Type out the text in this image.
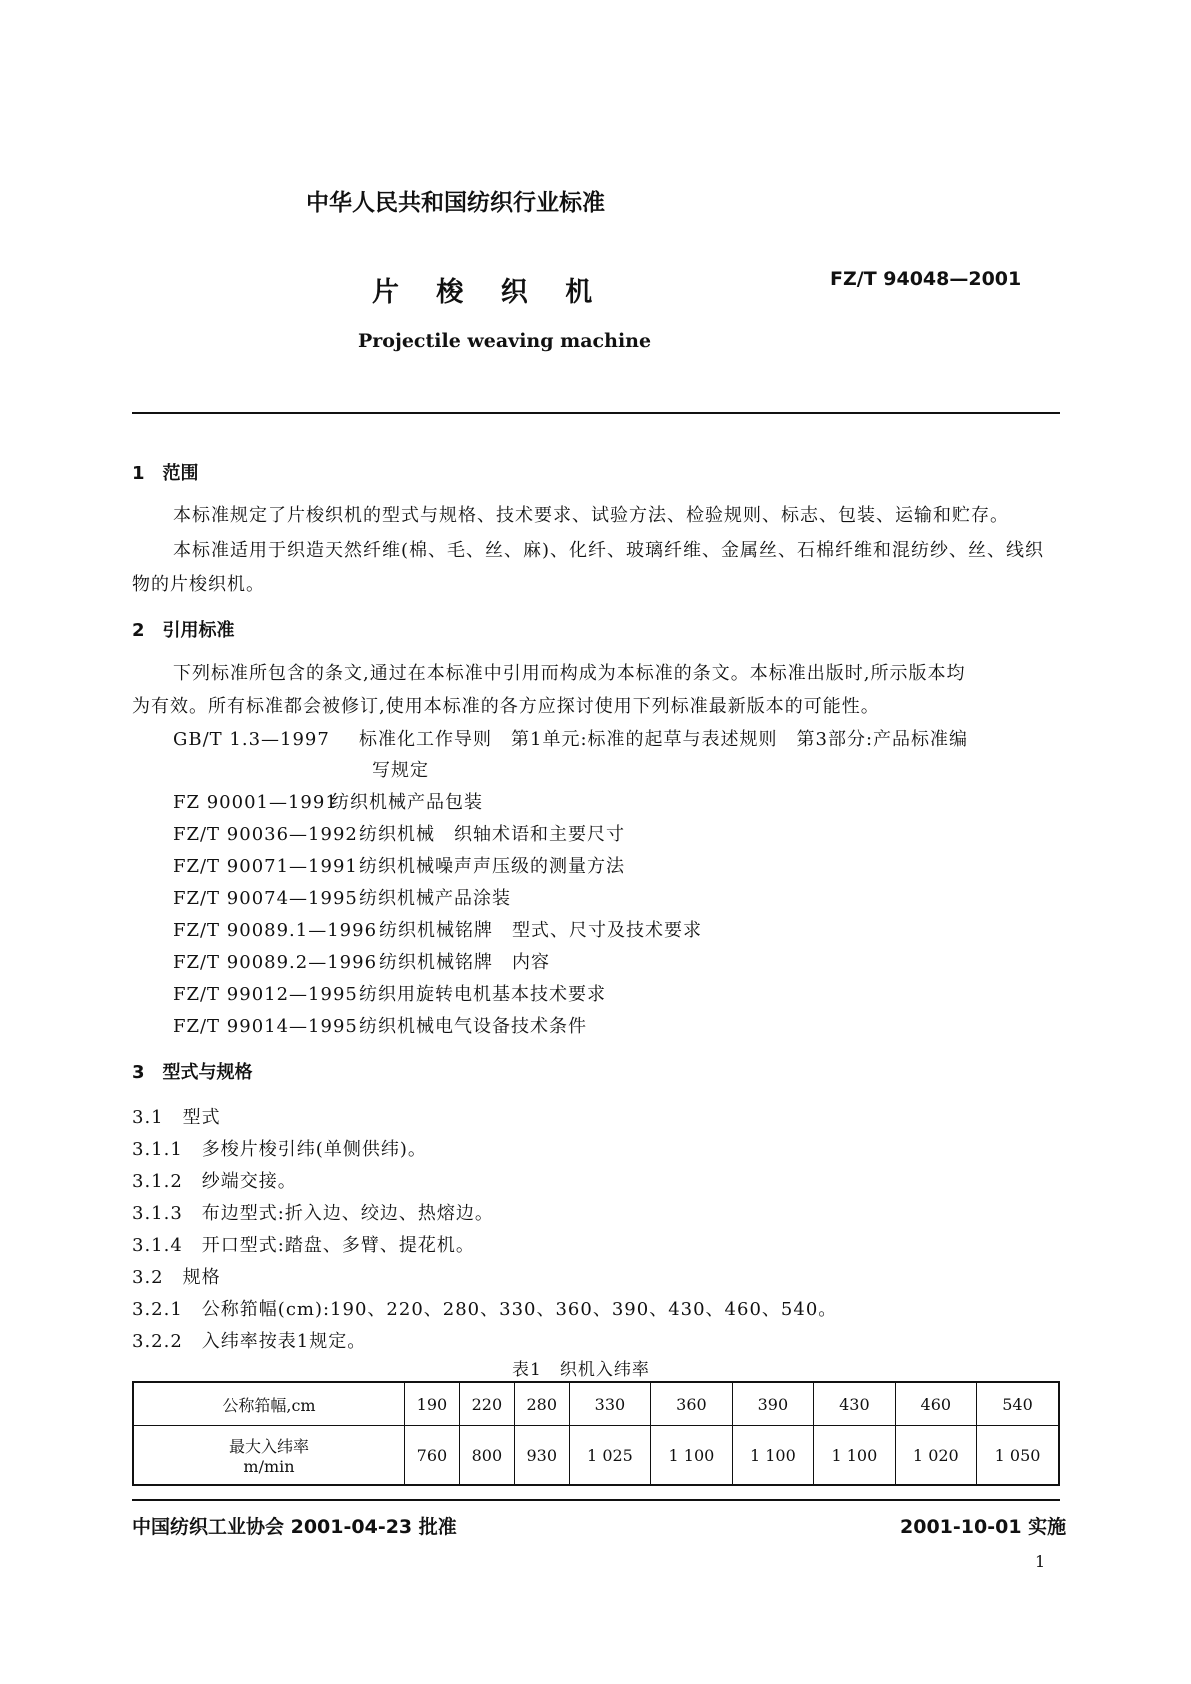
中华人民共和国纺织行业标准
片 梭 织 机	FZ/T 94048—2001
Projectile weaving machine
1　范围
本标准规定了片梭织机的型式与规格、技术要求、试验方法、检验规则、标志、包装、运输和贮存。
本标准适用于织造天然纤维(棉、毛、丝、麻)、化纤、玻璃纤维、金属丝、石棉纤维和混纺纱、丝、线织
物的片梭织机。
2　引用标准
下列标准所包含的条文,通过在本标准中引用而构成为本标准的条文。本标准出版时,所示版本均
为有效。所有标准都会被修订,使用本标准的各方应探讨使用下列标准最新版本的可能性。
GB/T 1.3—1997 标准化工作导则　第1单元:标准的起草与表述规则　第3部分:产品标准编
写规定
FZ 90001—1991纺织机械产品包装
FZ/T 90036—1992纺织机械　织轴术语和主要尺寸
FZ/T 90071—1991纺织机械噪声声压级的测量方法
FZ/T 90074—1995纺织机械产品涂装
FZ/T 90089.1—1996 纺织机械铭牌　型式、尺寸及技术要求
FZ/T 90089.2—1996 纺织机械铭牌　内容
FZ/T 99012—1995纺织用旋转电机基本技术要求
FZ/T 99014—1995纺织机械电气设备技术条件
3　型式与规格
3.1　型式
3.1.1　多梭片梭引纬(单侧供纬)。
3.1.2　纱端交接。
3.1.3　布边型式:折入边、绞边、热熔边。
3.1.4　开口型式:踏盘、多臂、提花机。
3.2　规格
3.2.1　公称筘幅(cm):190、220、280、330、360、390、430、460、540。
3.2.2　入纬率按表1规定。
表1　织机入纬率
公称筘幅,cm	190	220	280	330	360	390	430	460	540

最大入纬率
m/min	760	800	930	1 025	1 100	1 100	1 100	1 020	1 050
中国纺织工业协会 2001-04-23 批准	2001-10-01 实施
1
